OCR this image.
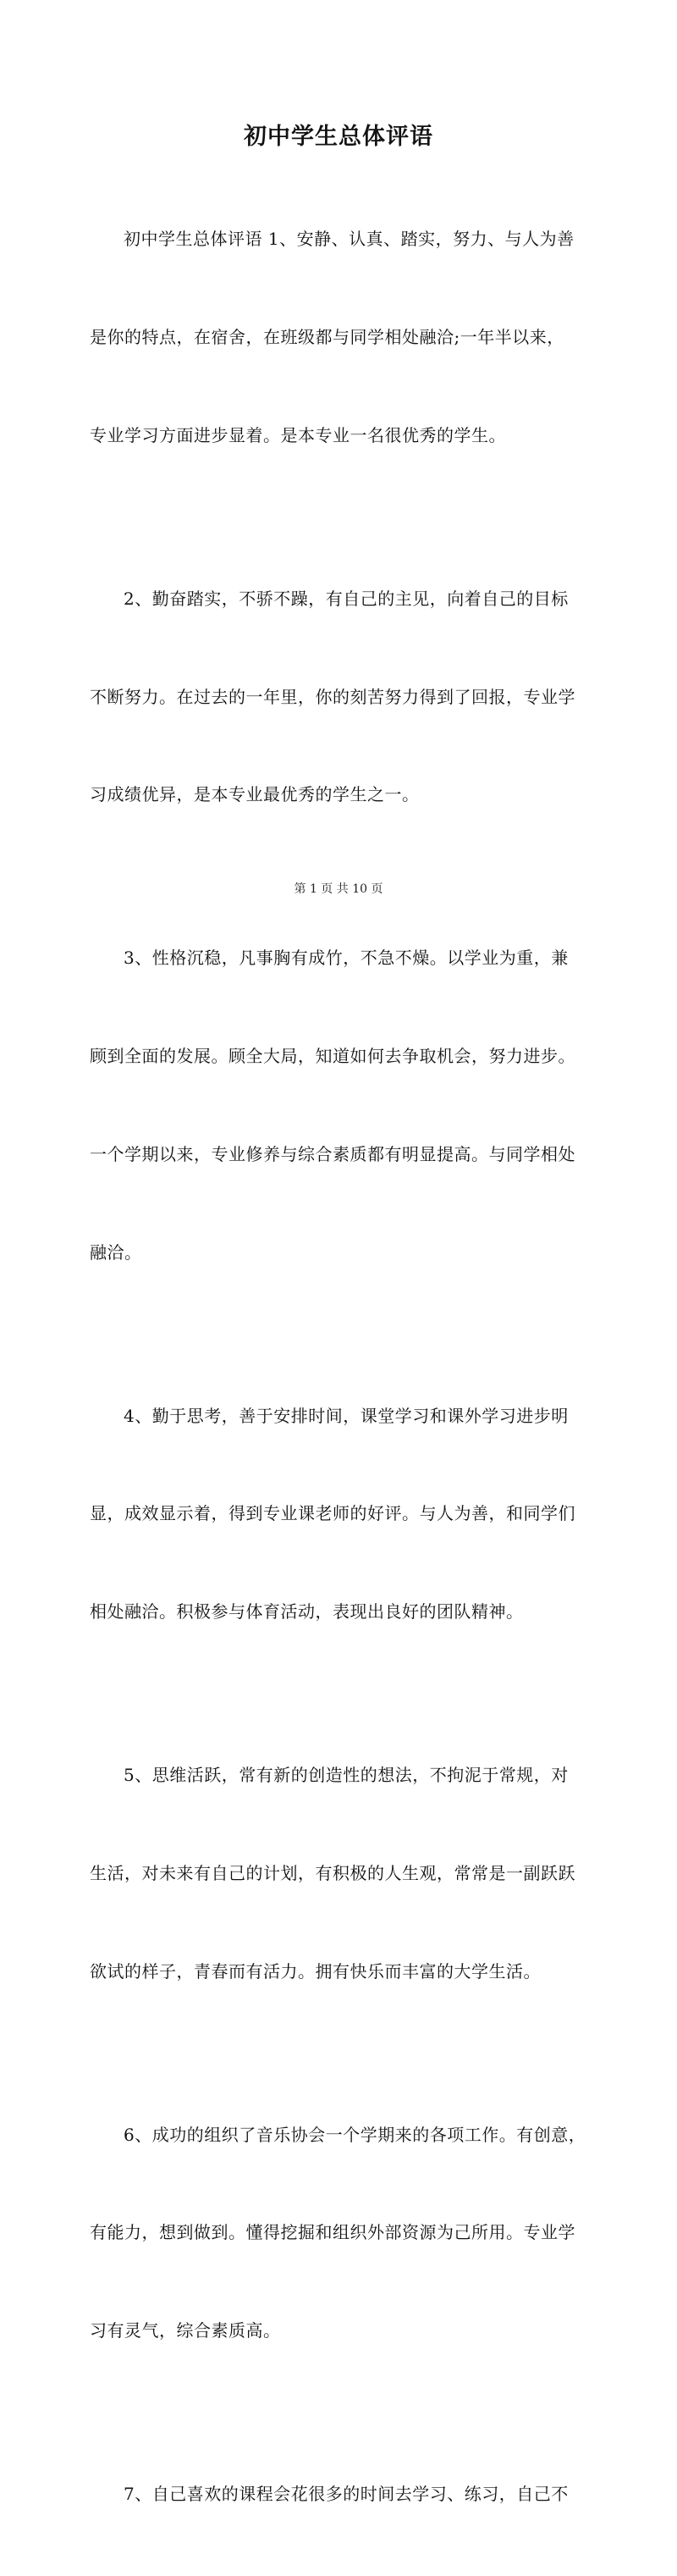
初中学生总体评语

初中学生总体评语 1、安静、认真、踏实，努力、与人为善

是你的特点，在宿舍，在班级都与同学相处融洽;一年半以来，

专业学习方面进步显着。是本专业一名很优秀的学生。

2、勤奋踏实，不骄不躁，有自己的主见，向着自己的目标

不断努力。在过去的一年里，你的刻苦努力得到了回报，专业学

习成绩优异，是本专业最优秀的学生之一。

3、性格沉稳，凡事胸有成竹，不急不燥。以学业为重，兼

顾到全面的发展。顾全大局，知道如何去争取机会，努力进步。

一个学期以来，专业修养与综合素质都有明显提高。与同学相处

融洽。

4、勤于思考，善于安排时间，课堂学习和课外学习进步明

显，成效显示着，得到专业课老师的好评。与人为善，和同学们

相处融洽。积极参与体育活动，表现出良好的团队精神。

5、思维活跃，常有新的创造性的想法，不拘泥于常规，对

生活，对未来有自己的计划，有积极的人生观，常常是一副跃跃

欲试的样子，青春而有活力。拥有快乐而丰富的大学生活。

6、成功的组织了音乐协会一个学期来的各项工作。有创意，

有能力，想到做到。懂得挖掘和组织外部资源为己所用。专业学

习有灵气，综合素质高。

7、自己喜欢的课程会花很多的时间去学习、练习，自己不

第 1 页 共 10 页
